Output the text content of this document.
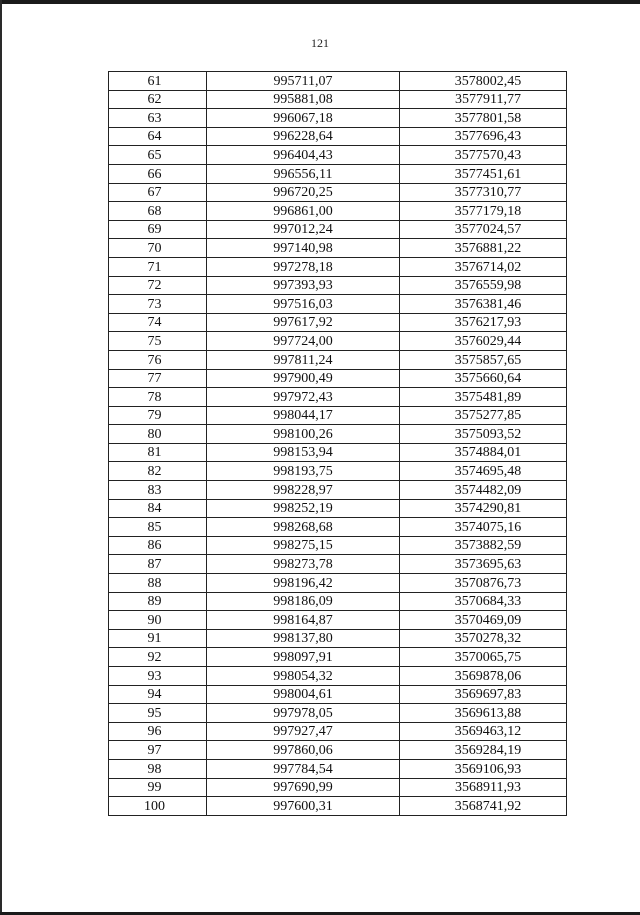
121
61	995711,07	3578002,45
62	995881,08	3577911,77
63	996067,18	3577801,58
64	996228,64	3577696,43
65	996404,43	3577570,43
66	996556,11	3577451,61
67	996720,25	3577310,77
68	996861,00	3577179,18
69	997012,24	3577024,57
70	997140,98	3576881,22
71	997278,18	3576714,02
72	997393,93	3576559,98
73	997516,03	3576381,46
74	997617,92	3576217,93
75	997724,00	3576029,44
76	997811,24	3575857,65
77	997900,49	3575660,64
78	997972,43	3575481,89
79	998044,17	3575277,85
80	998100,26	3575093,52
81	998153,94	3574884,01
82	998193,75	3574695,48
83	998228,97	3574482,09
84	998252,19	3574290,81
85	998268,68	3574075,16
86	998275,15	3573882,59
87	998273,78	3573695,63
88	998196,42	3570876,73
89	998186,09	3570684,33
90	998164,87	3570469,09
91	998137,80	3570278,32
92	998097,91	3570065,75
93	998054,32	3569878,06
94	998004,61	3569697,83
95	997978,05	3569613,88
96	997927,47	3569463,12
97	997860,06	3569284,19
98	997784,54	3569106,93
99	997690,99	3568911,93
100	997600,31	3568741,92
